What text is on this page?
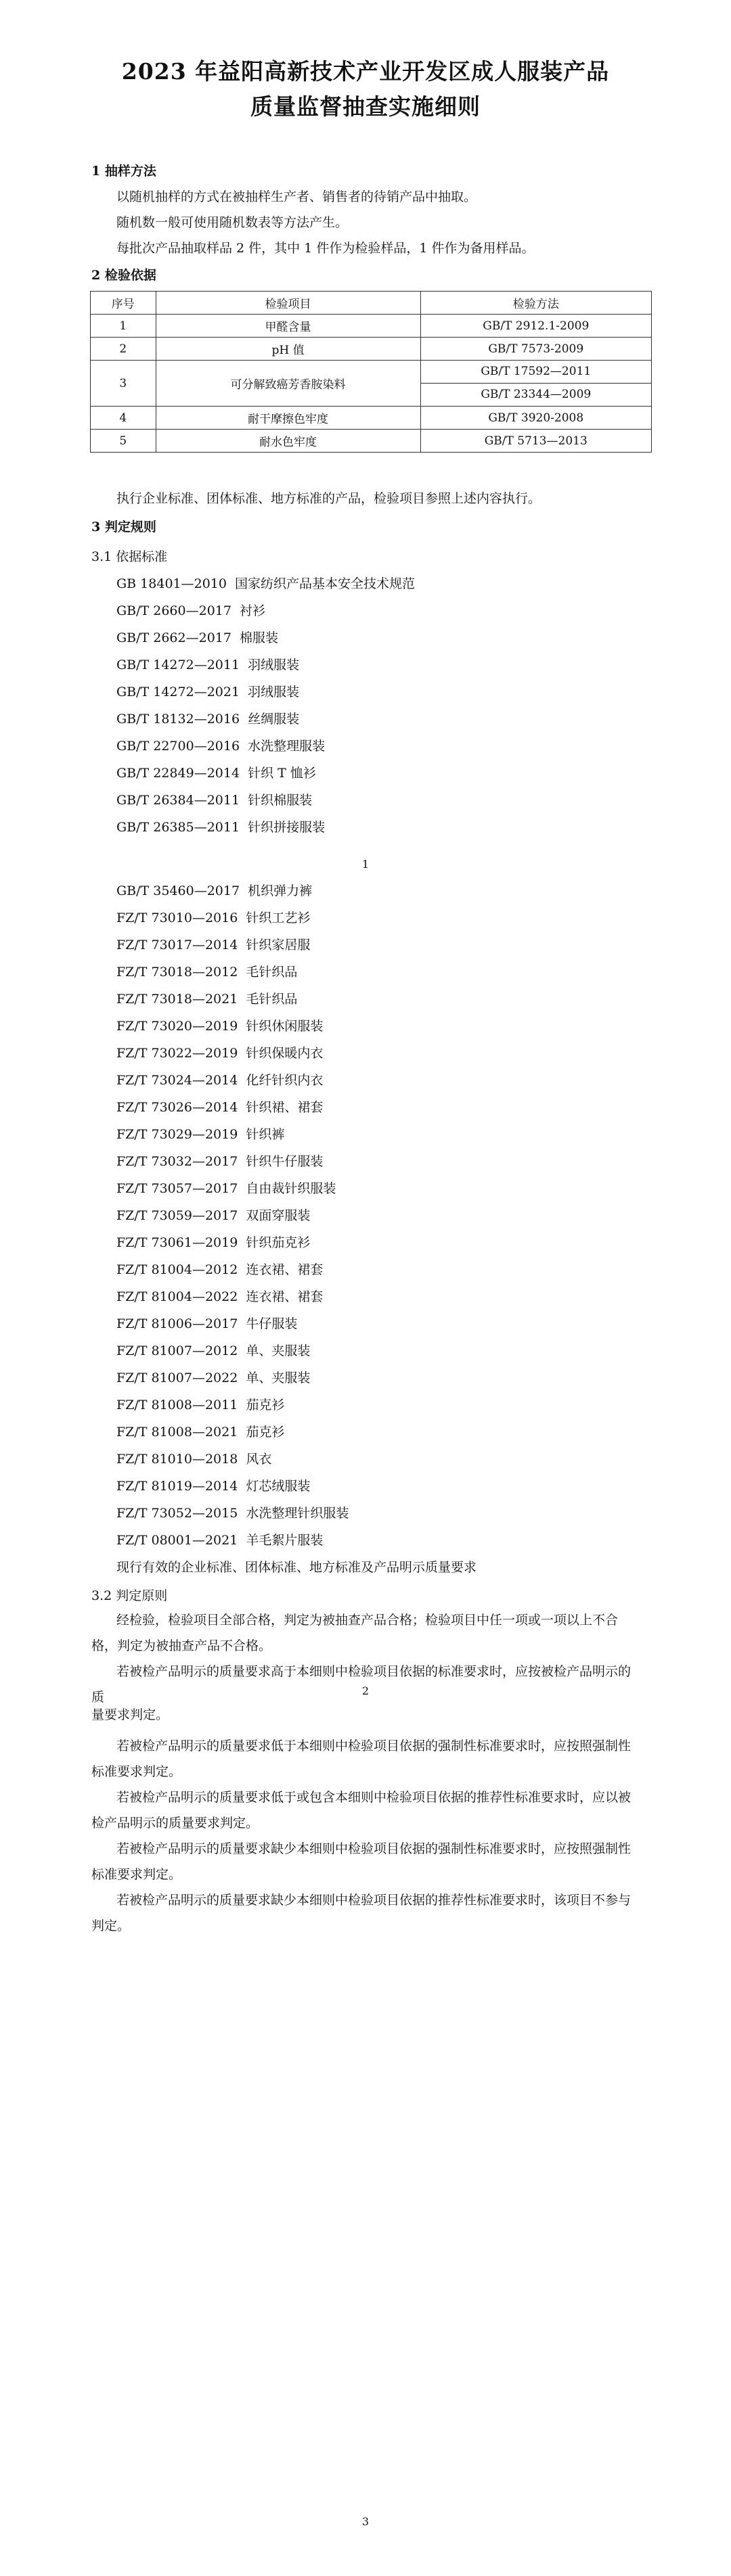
2023 年益阳高新技术产业开发区成人服装产品
质量监督抽查实施细则
1 抽样方法
以随机抽样的方式在被抽样生产者、销售者的待销产品中抽取。
随机数一般可使用随机数表等方法产生。
每批次产品抽取样品 2 件，其中 1 件作为检验样品，1 件作为备用样品。
2 检验依据
序号	检验项目	检验方法
1	甲醛含量	GB/T 2912.1-2009
2	pH 值	GB/T 7573-2009
3	可分解致癌芳香胺染料	GB/T 17592—2011
GB/T 23344—2009

4	耐干摩擦色牢度	GB/T 3920-2008
5	耐水色牢度	GB/T 5713—2013
执行企业标准、团体标准、地方标准的产品，检验项目参照上述内容执行。
3 判定规则
3.1 依据标准
GB 18401—2010  国家纺织产品基本安全技术规范
GB/T 2660—2017  衬衫
GB/T 2662—2017  棉服装
GB/T 14272—2011  羽绒服装
GB/T 14272—2021  羽绒服装
GB/T 18132—2016  丝绸服装
GB/T 22700—2016  水洗整理服装
GB/T 22849—2014  针织 T 恤衫
GB/T 26384—2011  针织棉服装
GB/T 26385—2011  针织拼接服装
1
GB/T 35460—2017  机织弹力裤
FZ/T 73010—2016  针织工艺衫
FZ/T 73017—2014  针织家居服
FZ/T 73018—2012  毛针织品
FZ/T 73018—2021  毛针织品
FZ/T 73020—2019  针织休闲服装
FZ/T 73022—2019  针织保暖内衣
FZ/T 73024—2014  化纤针织内衣
FZ/T 73026—2014  针织裙、裙套
FZ/T 73029—2019  针织裤
FZ/T 73032—2017  针织牛仔服装
FZ/T 73057—2017  自由裁针织服装
FZ/T 73059—2017  双面穿服装
FZ/T 73061—2019  针织茄克衫
FZ/T 81004—2012  连衣裙、裙套
FZ/T 81004—2022  连衣裙、裙套
FZ/T 81006—2017  牛仔服装
FZ/T 81007—2012  单、夹服装
FZ/T 81007—2022  单、夹服装
FZ/T 81008—2011  茄克衫
FZ/T 81008—2021  茄克衫
FZ/T 81010—2018  风衣
FZ/T 81019—2014  灯芯绒服装
FZ/T 73052—2015  水洗整理针织服装
FZ/T 08001—2021  羊毛絮片服装
现行有效的企业标准、团体标准、地方标准及产品明示质量要求
3.2 判定原则
经检验，检验项目全部合格，判定为被抽查产品合格；检验项目中任一项或一项以上不合格，判定为被抽查产品不合格。
若被检产品明示的质量要求高于本细则中检验项目依据的标准要求时，应按被检产品明示的质	2
量要求判定。
若被检产品明示的质量要求低于本细则中检验项目依据的强制性标准要求时，应按照强制性标准要求判定。
若被检产品明示的质量要求低于或包含本细则中检验项目依据的推荐性标准要求时，应以被检产品明示的质量要求判定。
若被检产品明示的质量要求缺少本细则中检验项目依据的强制性标准要求时，应按照强制性标准要求判定。
若被检产品明示的质量要求缺少本细则中检验项目依据的推荐性标准要求时，该项目不参与判定。
3
